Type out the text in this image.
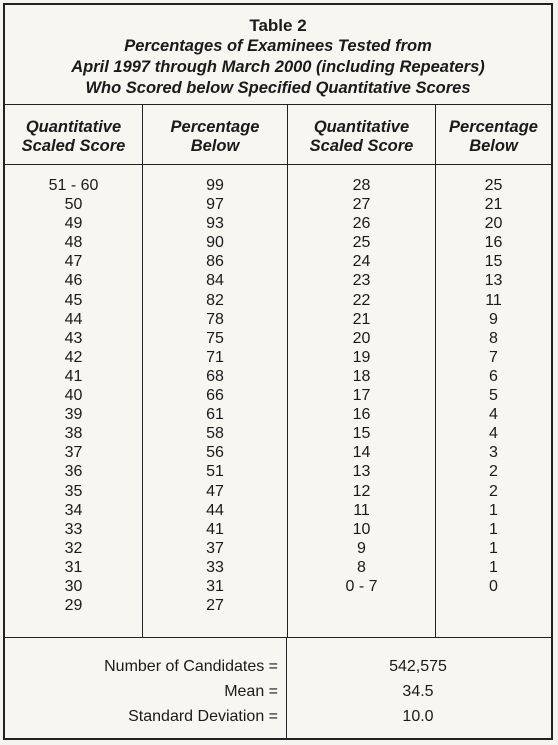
Table 2
Percentages of Examinees Tested from
April 1997 through March 2000 (including Repeaters)
Who Scored below Specified Quantitative Scores
Quantitative
Scaled Score
51 - 60
50
49
48
47
46
45
44
43
42
41
40
39
38
37
36
35
34
33
32
31
30
29
Percentage
Below
99
97
93
90
86
84
82
78
75
71
68
66
61
58
56
51
47
44
41
37
33
31
27
Quantitative
Scaled Score
28
27
26
25
24
23
22
21
20
19
18
17
16
15
14
13
12
11
10
9
8
0 - 7
Percentage
Below
25
21
20
16
15
13
11
9
8
7
6
5
4
4
3
2
2
1
1
1
1
0
Number of Candidates =
Mean =
Standard Deviation =
542,575
34.5
10.0
